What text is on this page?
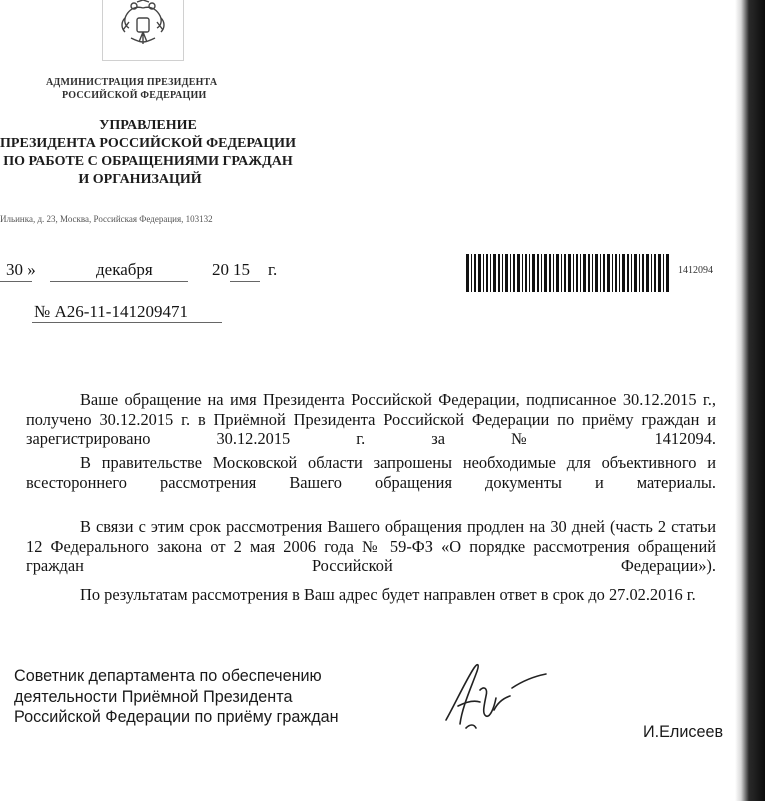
АДМИНИСТРАЦИЯ ПРЕЗИДЕНТА
РОССИЙСКОЙ ФЕДЕРАЦИИ
УПРАВЛЕНИЕ
ПРЕЗИДЕНТА РОССИЙСКОЙ ФЕДЕРАЦИИ
ПО РАБОТЕ С ОБРАЩЕНИЯМИ ГРАЖДАН
И ОРГАНИЗАЦИЙ
Ильинка, д. 23, Москва, Российская Федерация, 103132
30 »	декабря	20 15 г.
№ А26-11-141209471
1412094
Ваше обращение на имя Президента Российской Федерации, подписанное 30.12.2015 г., получено 30.12.2015 г. в Приёмной Президента Российской Федерации по приёму граждан и зарегистрировано 30.12.2015 г. за № 1412094.
В правительстве Московской области запрошены необходимые для объективного и всестороннего рассмотрения Вашего обращения документы и материалы.
В связи с этим срок рассмотрения Вашего обращения продлен на 30 дней (часть 2 статьи 12 Федерального закона от 2 мая 2006 года № 59-ФЗ «О порядке рассмотрения обращений граждан Российской Федерации»).
По результатам рассмотрения в Ваш адрес будет направлен ответ в срок до 27.02.2016 г.
Советник департамента по обеспечению деятельности Приёмной Президента Российской Федерации по приёму граждан
И.Елисеев
